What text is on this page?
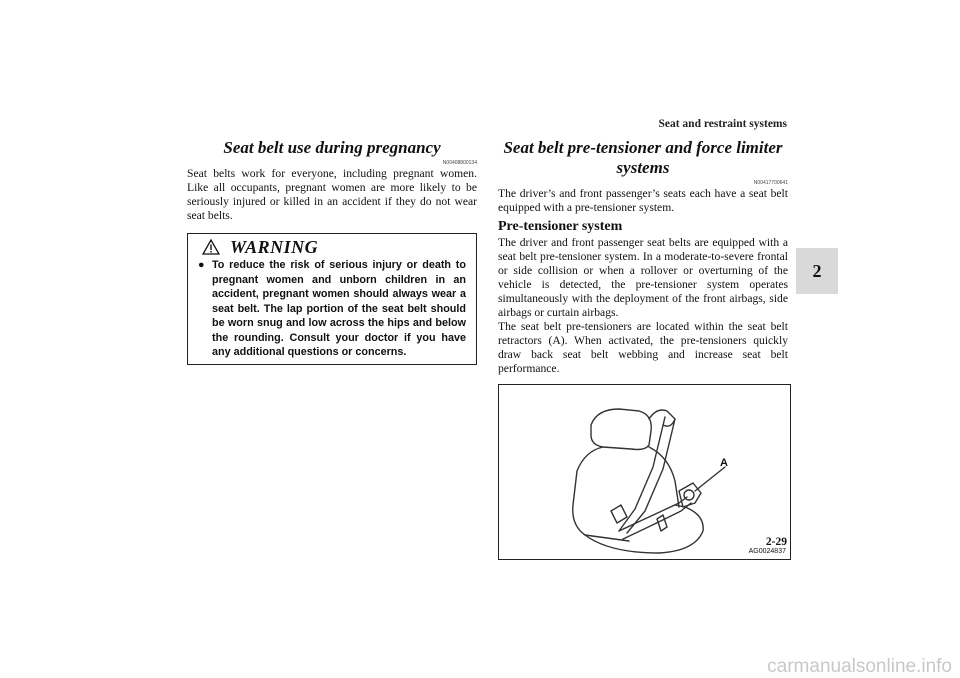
Seat and restraint systems
2
Seat belt use during pregnancy
N00408800134

Seat belts work for everyone, including pregnant women. Like all occupants, pregnant women are more likely to be seriously injured or killed in an accident if they do not wear seat belts.

WARNING
● To reduce the risk of serious injury or death to pregnant women and unborn children in an accident, pregnant women should always wear a seat belt. The lap portion of the seat belt should be worn snug and low across the hips and below the rounding. Consult your doctor if you have any additional questions or concerns.
Seat belt pre-tensioner and force limiter systems
N00417700641

The driver’s and front passenger’s seats each have a seat belt equipped with a pre-tensioner system.

Pre-tensioner system

The driver and front passenger seat belts are equipped with a seat belt pre-tensioner system. In a moderate-to-severe frontal or side collision or when a rollover or overturning of the vehicle is detected, the pre-tensioner system operates simultaneously with the deployment of the front airbags, side airbags or curtain airbags.

The seat belt pre-tensioners are located within the seat belt retractors (A). When activated, the pre-tensioners quickly draw back seat belt webbing and increase seat belt performance.

A
AG0024837
2-29
carmanualsonline.info
